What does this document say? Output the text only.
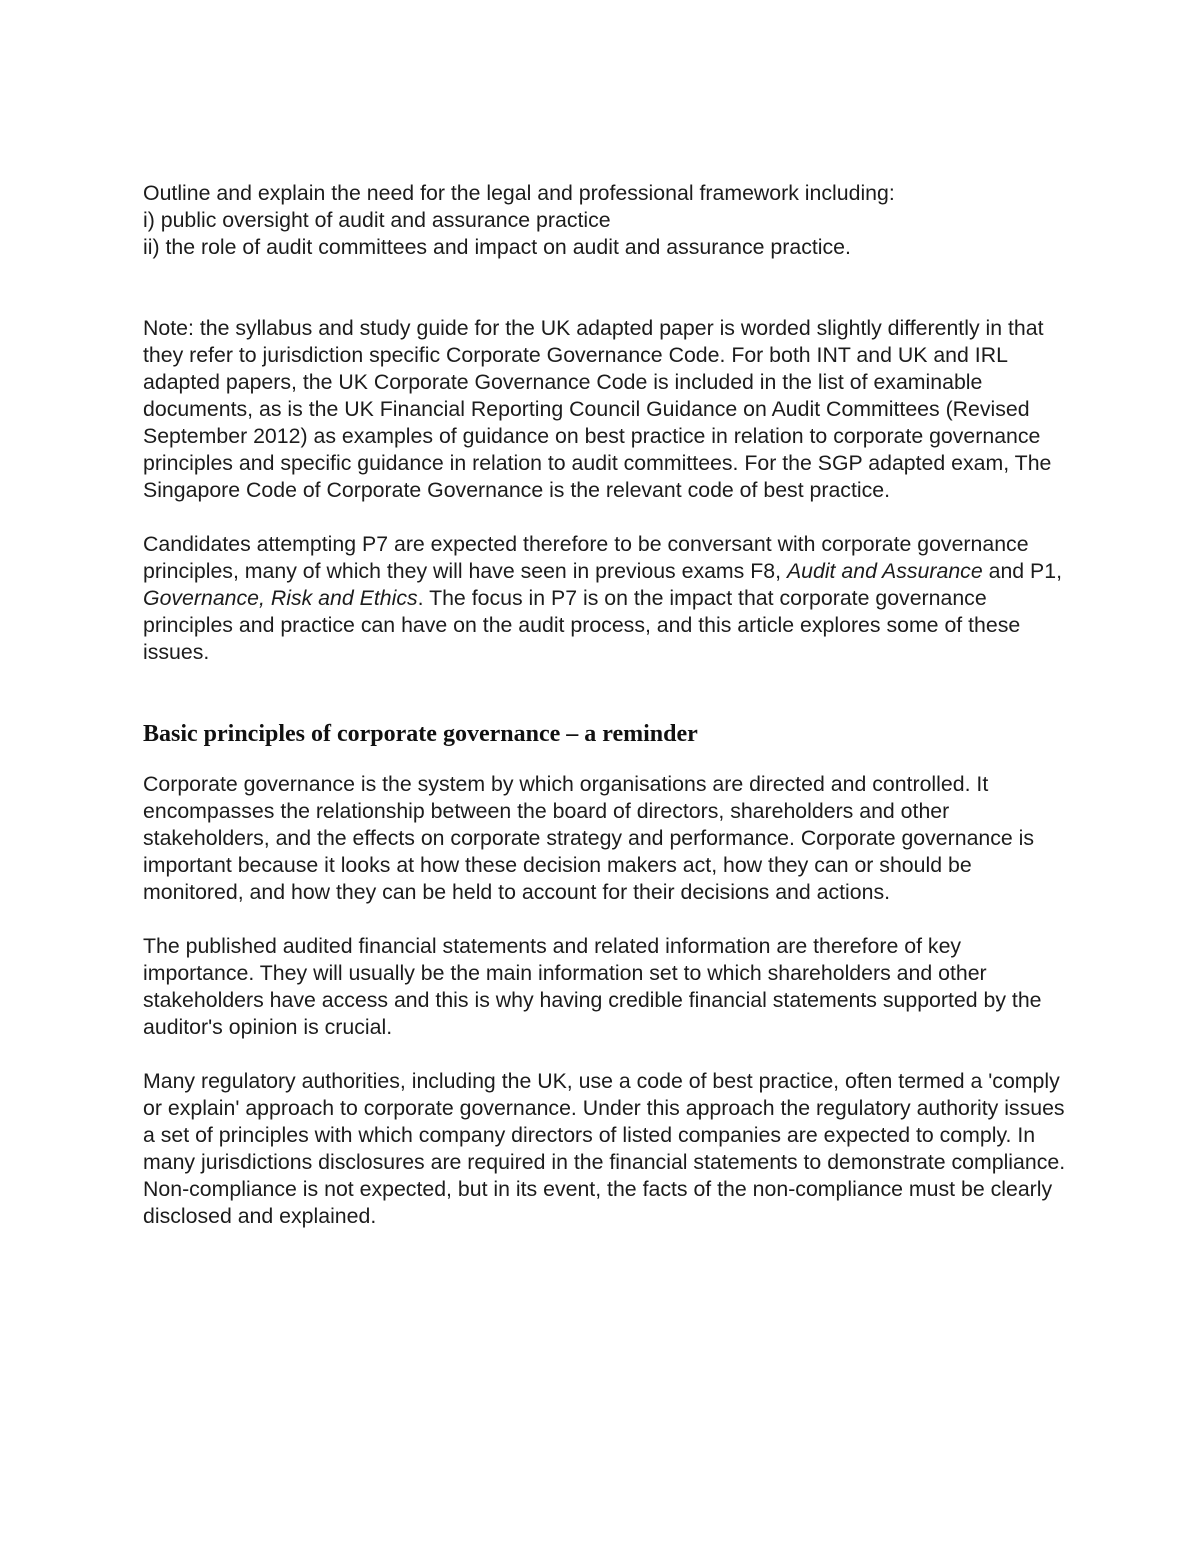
Outline and explain the need for the legal and professional framework including:

i) public oversight of audit and assurance practice

ii) the role of audit committees and impact on audit and assurance practice.

Note: the syllabus and study guide for the UK adapted paper is worded slightly differently in that they refer to jurisdiction specific Corporate Governance Code. For both INT and UK and IRL adapted papers, the UK Corporate Governance Code is included in the list of examinable documents, as is the UK Financial Reporting Council Guidance on Audit Committees (Revised September 2012) as examples of guidance on best practice in relation to corporate governance principles and specific guidance in relation to audit committees. For the SGP adapted exam, The Singapore Code of Corporate Governance is the relevant code of best practice.

Candidates attempting P7 are expected therefore to be conversant with corporate governance principles, many of which they will have seen in previous exams F8, Audit and Assurance and P1, Governance, Risk and Ethics. The focus in P7 is on the impact that corporate governance principles and practice can have on the audit process, and this article explores some of these issues.

Basic principles of corporate governance – a reminder

Corporate governance is the system by which organisations are directed and controlled. It encompasses the relationship between the board of directors, shareholders and other stakeholders, and the effects on corporate strategy and performance. Corporate governance is important because it looks at how these decision makers act, how they can or should be monitored, and how they can be held to account for their decisions and actions.

The published audited financial statements and related information are therefore of key importance. They will usually be the main information set to which shareholders and other stakeholders have access and this is why having credible financial statements supported by the auditor's opinion is crucial.

Many regulatory authorities, including the UK, use a code of best practice, often termed a 'comply or explain' approach to corporate governance. Under this approach the regulatory authority issues a set of principles with which company directors of listed companies are expected to comply. In many jurisdictions disclosures are required in the financial statements to demonstrate compliance. Non-compliance is not expected, but in its event, the facts of the non-compliance must be clearly disclosed and explained.
